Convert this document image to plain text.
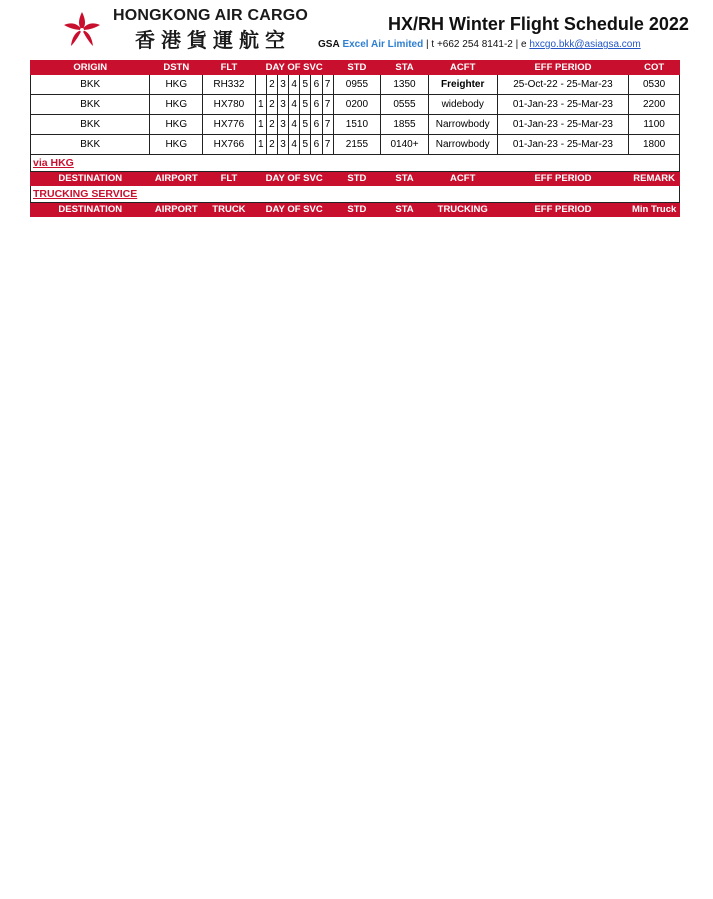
HONGKONG AIR CARGO
香港貨運航空
HX/RH Winter Flight Schedule 2022
GSA Excel Air Limited | t +662 254 8141-2 | e hxcgo.bkk@asiagsa.com
ORIGIN	DSTN	FLT	DAY OF SVC							STD	STA	ACFT	EFF PERIOD	COT
BKK	HKG	RH332		2	3	4	5	6	7	0955	1350	Freighter	25-Oct-22 - 25-Mar-23	0530
BKK	HKG	HX780	1	2	3	4	5	6	7	0200	0555	widebody	01-Jan-23 - 25-Mar-23	2200
BKK	HKG	HX776	1	2	3	4	5	6	7	1510	1855	Narrowbody	01-Jan-23 - 25-Mar-23	1100
BKK	HKG	HX766	1	2	3	4	5	6	7	2155	0140+	Narrowbody	01-Jan-23 - 25-Mar-23	1800
via HKG														
DESTINATION	AIRPORT	FLT	DAY OF SVC							STD	STA	ACFT	EFF PERIOD	REMARK
TRUCKING SERVICE														
DESTINATION	AIRPORT	TRUCK	DAY OF SVC							STD	STA	TRUCKING	EFF PERIOD	Min Truck
